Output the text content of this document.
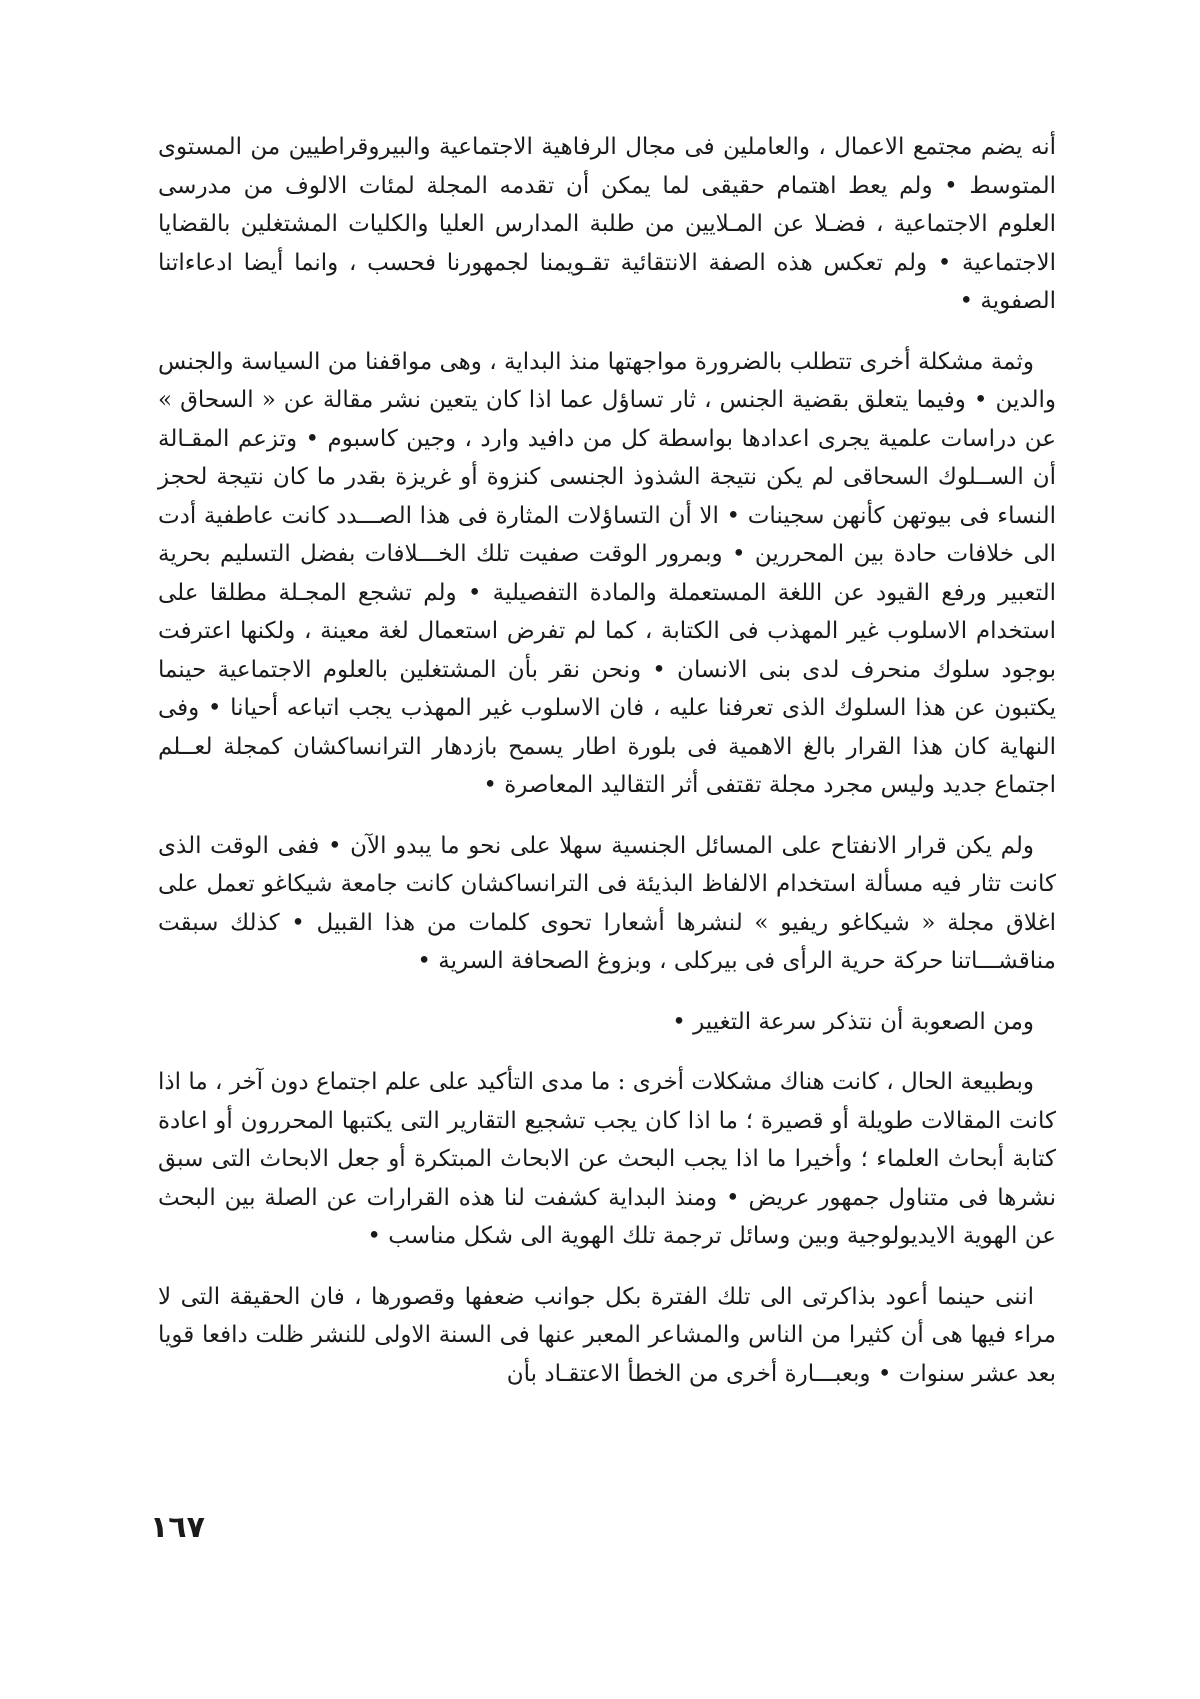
أنه يضم مجتمع الاعمال ، والعاملين فى مجال الرفاهية الاجتماعية والبيروقراطيين من المستوى المتوسط • ولم يعط اهتمام حقيقى لما يمكن أن تقدمه المجلة لمئات الالوف من مدرسى العلوم الاجتماعية ، فضـلا عن المـلايين من طلبة المدارس العليا والكليات المشتغلين بالقضايا الاجتماعية • ولم تعكس هذه الصفة الانتقائية تقـويمنا لجمهورنا فحسب ، وانما أيضا ادعاءاتنا الصفوية •

وثمة مشكلة أخرى تتطلب بالضرورة مواجهتها منذ البداية ، وهى مواقفنا من السياسة والجنس والدين • وفيما يتعلق بقضية الجنس ، ثار تساؤل عما اذا كان يتعين نشر مقالة عن « السحاق » عن دراسات علمية يجرى اعدادها بواسطة كل من دافيد وارد ، وجين كاسبوم • وتزعم المقـالة أن الســلوك السحاقى لم يكن نتيجة الشذوذ الجنسى كنزوة أو غريزة بقدر ما كان نتيجة لحجز النساء فى بيوتهن كأنهن سجينات • الا أن التساؤلات المثارة فى هذا الصـــدد كانت عاطفية أدت الى خلافات حادة بين المحررين • وبمرور الوقت صفيت تلك الخـــلافات بفضل التسليم بحرية التعبير ورفع القيود عن اللغة المستعملة والمادة التفصيلية • ولم تشجع المجـلة مطلقا على استخدام الاسلوب غير المهذب فى الكتابة ، كما لم تفرض استعمال لغة معينة ، ولكنها اعترفت بوجود سلوك منحرف لدى بنى الانسان • ونحن نقر بأن المشتغلين بالعلوم الاجتماعية حينما يكتبون عن هذا السلوك الذى تعرفنا عليه ، فان الاسلوب غير المهذب يجب اتباعه أحيانا • وفى النهاية كان هذا القرار بالغ الاهمية فى بلورة اطار يسمح بازدهار الترانساكشان كمجلة لعــلم اجتماع جديد وليس مجرد مجلة تقتفى أثر التقاليد المعاصرة •

ولم يكن قرار الانفتاح على المسائل الجنسية سهلا على نحو ما يبدو الآن • ففى الوقت الذى كانت تثار فيه مسألة استخدام الالفاظ البذيئة فى الترانساكشان كانت جامعة شيكاغو تعمل على اغلاق مجلة « شيكاغو ريفيو » لنشرها أشعارا تحوى كلمات من هذا القبيل • كذلك سبقت مناقشـــاتنا حركة حرية الرأى فى بيركلى ، وبزوغ الصحافة السرية •

ومن الصعوبة أن نتذكر سرعة التغيير •

وبطبيعة الحال ، كانت هناك مشكلات أخرى : ما مدى التأكيد على علم اجتماع دون آخر ، ما اذا كانت المقالات طويلة أو قصيرة ؛ ما اذا كان يجب تشجيع التقارير التى يكتبها المحررون أو اعادة كتابة أبحاث العلماء ؛ وأخيرا ما اذا يجب البحث عن الابحاث المبتكرة أو جعل الابحاث التى سبق نشرها فى متناول جمهور عريض • ومنذ البداية كشفت لنا هذه القرارات عن الصلة بين البحث عن الهوية الايديولوجية وبين وسائل ترجمة تلك الهوية الى شكل مناسب •

اننى حينما أعود بذاكرتى الى تلك الفترة بكل جوانب ضعفها وقصورها ، فان الحقيقة التى لا مراء فيها هى أن كثيرا من الناس والمشاعر المعبر عنها فى السنة الاولى للنشر ظلت دافعا قويا بعد عشر سنوات • وبعبـــارة أخرى من الخطأ الاعتقـاد بأن

١٦٧
